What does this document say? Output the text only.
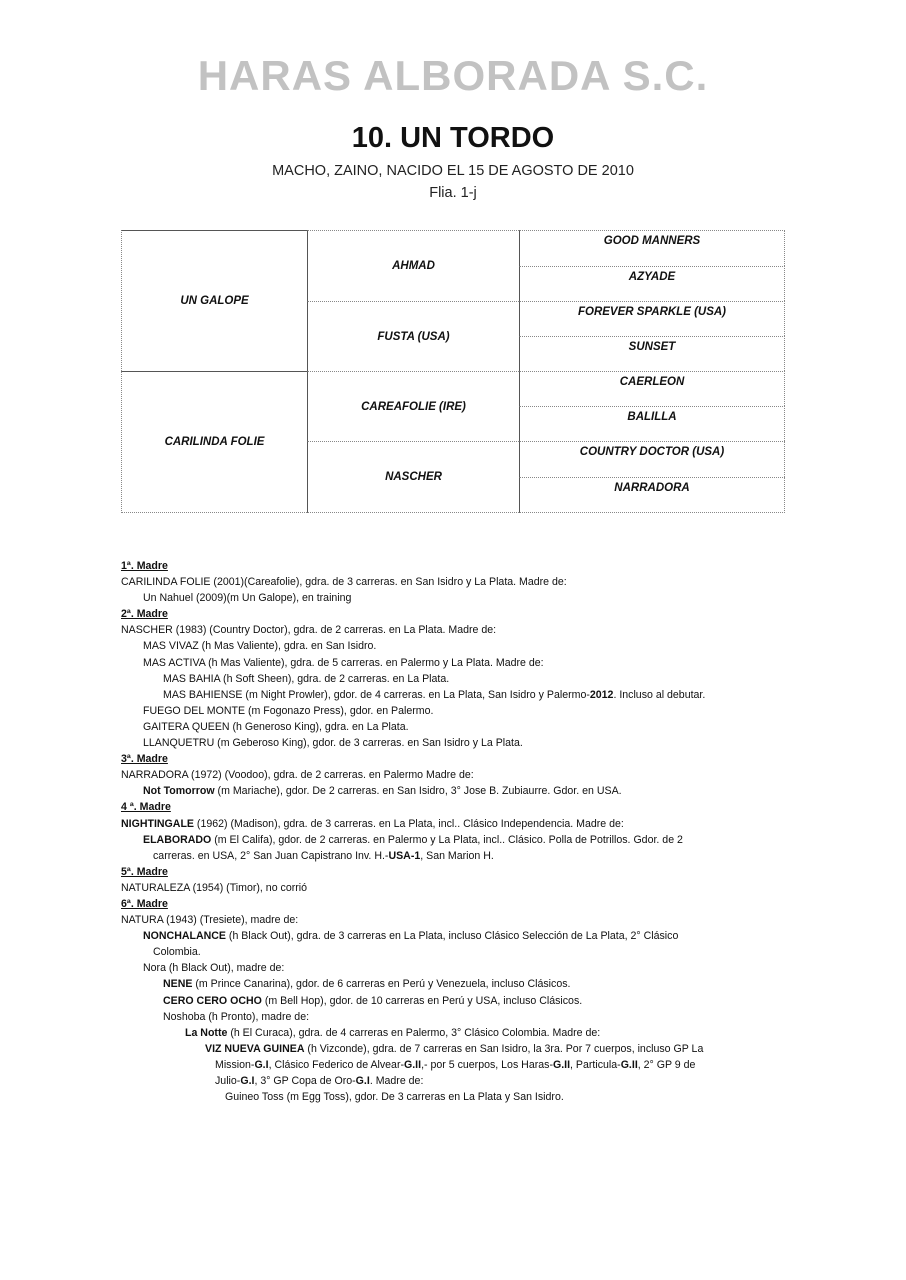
HARAS ALBORADA S.C.
10. UN TORDO
MACHO, ZAINO, NACIDO EL 15 DE AGOSTO DE 2010
Flia. 1-j
UN GALOPE
CARILINDA FOLIE
AHMAD
FUSTA (USA)
CAREAFOLIE (IRE)
NASCHER
GOOD MANNERS
AZYADE
FOREVER SPARKLE (USA)
SUNSET
CAERLEON
BALILLA
COUNTRY DOCTOR (USA)
NARRADORA
1ª. Madre
CARILINDA FOLIE (2001)(Careafolie), gdra. de 3 carreras. en San Isidro y La Plata. Madre de:
Un Nahuel (2009)(m Un Galope), en training
2ª. Madre
NASCHER (1983) (Country Doctor), gdra. de 2 carreras. en La Plata. Madre de:
MAS VIVAZ (h Mas Valiente), gdra. en San Isidro.
MAS ACTIVA (h Mas Valiente), gdra. de 5 carreras. en Palermo y La Plata. Madre de:
MAS BAHIA (h Soft Sheen), gdra. de 2 carreras. en La Plata.
MAS BAHIENSE (m Night Prowler), gdor. de 4 carreras. en La Plata, San Isidro y Palermo-2012. Incluso al debutar.
FUEGO DEL MONTE (m Fogonazo Press), gdor. en Palermo.
GAITERA QUEEN (h Generoso King), gdra. en La Plata.
LLANQUETRU (m Geberoso King), gdor. de 3 carreras. en San Isidro y La Plata.
3ª. Madre
NARRADORA (1972) (Voodoo), gdra. de 2 carreras. en Palermo Madre de:
Not Tomorrow (m Mariache), gdor. De 2 carreras. en San Isidro, 3° Jose B. Zubiaurre. Gdor. en USA.
4 ª. Madre
NIGHTINGALE (1962) (Madison), gdra. de 3 carreras. en La Plata, incl.. Clásico Independencia. Madre de:
ELABORADO (m El Califa), gdor. de 2 carreras. en Palermo y La Plata, incl.. Clásico. Polla de Potrillos. Gdor. de 2
carreras. en USA, 2° San Juan Capistrano Inv. H.-USA-1, San Marion H.
5ª. Madre
NATURALEZA (1954) (Timor), no corrió
6ª. Madre
NATURA (1943) (Tresiete), madre de:
NONCHALANCE (h Black Out), gdra. de 3 carreras en La Plata, incluso Clásico Selección de La Plata, 2° Clásico
Colombia.
Nora (h Black Out), madre de:
NENE (m Prince Canarina), gdor. de 6 carreras en Perú y Venezuela, incluso Clásicos.
CERO CERO OCHO (m Bell Hop), gdor. de 10 carreras en Perú y USA, incluso Clásicos.
Noshoba (h Pronto), madre de:
La Notte (h El Curaca), gdra. de 4 carreras en Palermo, 3° Clásico Colombia. Madre de:
VIZ NUEVA GUINEA (h Vizconde), gdra. de 7 carreras en San Isidro, la 3ra. Por 7 cuerpos, incluso GP La
Mission-G.I, Clásico Federico de Alvear-G.II,- por 5 cuerpos, Los Haras-G.II, Particula-G.II, 2° GP 9 de
Julio-G.I, 3° GP Copa de Oro-G.I. Madre de:
Guineo Toss (m Egg Toss), gdor. De 3 carreras en La Plata y San Isidro.
